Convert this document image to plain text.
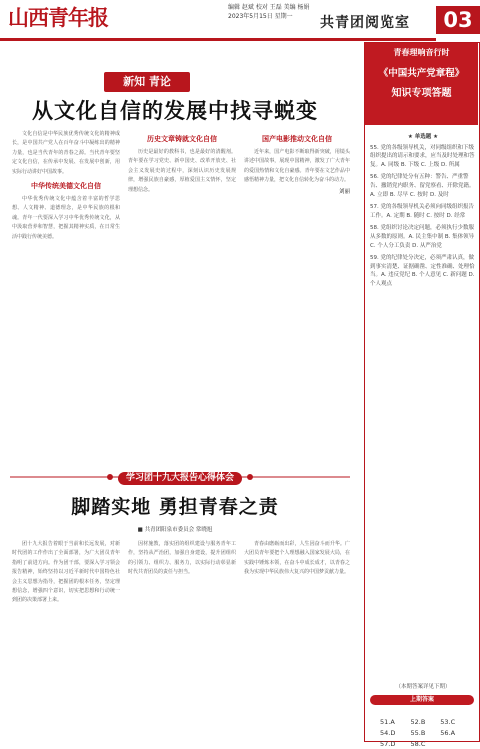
山西青年报	编辑 赵斌 校对 王磊 美编 杨娟
2023年5月15日 星期一	共青团阅览室	03
新知 青论
从文化自信的发展中找寻蜕变

文化自信是中华民族优秀传统文化的精神成长，是中国共产党人在百年奋斗中凝练出的精神力量，也是当代青年的青春之源。当代青年要坚定文化自信，在传承中发展、在发展中创新，用实际行动讲好中国故事。

中华传统美德文化自信

中华优秀传统文化中蕴含着丰富的哲学思想、人文精神、道德理念，是中华民族的根和魂。青年一代要深入学习中华优秀传统文化，从中汲取营养和智慧，把握其精神实质，在日常生活中践行传统美德。

历史文章铸就文化自信

历史是最好的教科书，也是最好的清醒剂。青年要在学习党史、新中国史、改革开放史、社会主义发展史的过程中，深刻认识历史发展规律，增强民族自豪感，厚植爱国主义情怀，坚定理想信念。

国产电影推动文化自信

近年来，国产电影不断取得新突破，用镜头讲述中国故事，展现中国精神，激发了广大青年的爱国热情和文化自豪感。青年要在文艺作品中感悟精神力量，把文化自信转化为奋斗的动力。

刘丽
学习团十九大报告心得体会
脚踏实地 勇担青春之责
■ 共青团阳泉市委员会 常晓旭

团十九大报告着眼于当前和长远发展，对新时代团的工作作出了全面部署，为广大团员青年指明了前进方向。作为团干部，要深入学习领会报告精神，始终坚持以习近平新时代中国特色社会主义思想为指导，把握团的根本任务，坚定理想信念，增强四个意识，切实把思想和行动统一到团的决策部署上来。

因材施教，落实团的组织建设与服务青年工作，坚持从严治团，加强自身建设，提升团组织的引领力、组织力、服务力，以实际行动彰显新时代共青团员的责任与担当。

青春由磨砺而出彩，人生因奋斗而升华。广大团员青年要把个人理想融入国家发展大局，在实践中锤炼本领，在奋斗中成长成才，以青春之我为实现中华民族伟大复兴的中国梦贡献力量。

青春理响音行时
《中国共产党章程》
知识专项答题
★ 单选题 ★

55. 党的各级领导机关，对同级组织和下级组织提出的请示和要求，应当及时处理和答复。A. 同级 B. 下级 C. 上级 D. 所属

56. 党的纪律处分有五种：警告、严重警告、撤销党内职务、留党察看、开除党籍。A. 立即 B. 尽早 C. 按时 D. 及时

57. 党的各级领导机关必须向同级组织报告工作。A. 定期 B. 随时 C. 按时 D. 经常

58. 党组织讨论决定问题，必须执行少数服从多数的原则。A. 民主集中制 B. 集体领导 C. 个人分工负责 D. 从严治党

59. 党的纪律处分决定，必须严肃认真，做到事实清楚、证据确凿、定性准确、处理恰当。A. 违反党纪 B. 个人意见 C. 新问题 D. 个人观点

（本期答案详见下期）
上期答案
51.A	52.B	53.C
54.D	55.B	56.A
57.D	58.C	
